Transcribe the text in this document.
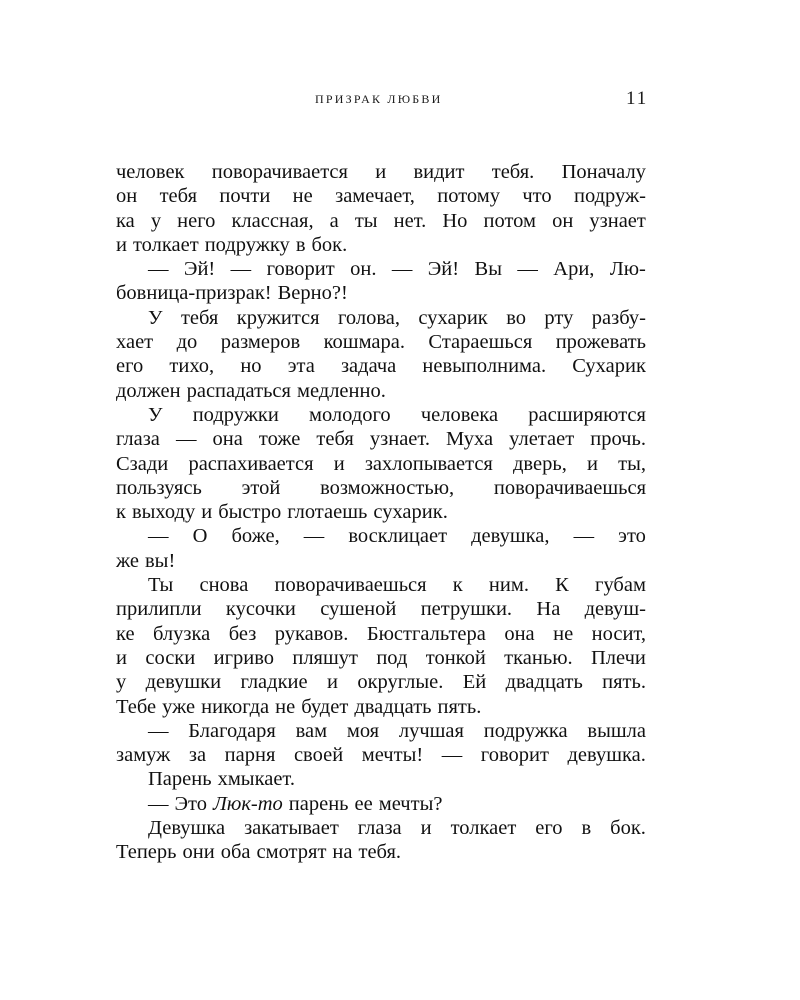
ПРИЗРАК ЛЮБВИ	11
человек поворачивается и видит тебя. Поначалу
он тебя почти не замечает, потому что подруж-
ка у него классная, а ты нет. Но потом он узнает
и толкает подружку в бок.
— Эй! — говорит он. — Эй! Вы — Ари, Лю-
бовница-призрак! Верно?!
У тебя кружится голова, сухарик во рту разбу-
хает до размеров кошмара. Стараешься прожевать
его тихо, но эта задача невыполнима. Сухарик
должен распадаться медленно.
У подружки молодого человека расширяются
глаза — она тоже тебя узнает. Муха улетает прочь.
Сзади распахивается и захлопывается дверь, и ты,
пользуясь этой возможностью, поворачиваешься
к выходу и быстро глотаешь сухарик.
— О боже, — восклицает девушка, — это
же вы!
Ты снова поворачиваешься к ним. К губам
прилипли кусочки сушеной петрушки. На девуш-
ке блузка без рукавов. Бюстгальтера она не носит,
и соски игриво пляшут под тонкой тканью. Плечи
у девушки гладкие и округлые. Ей двадцать пять.
Тебе уже никогда не будет двадцать пять.
— Благодаря вам моя лучшая подружка вышла
замуж за парня своей мечты! — говорит девушка.
Парень хмыкает.
— Это Люк-то парень ее мечты?
Девушка закатывает глаза и толкает его в бок.
Теперь они оба смотрят на тебя.
